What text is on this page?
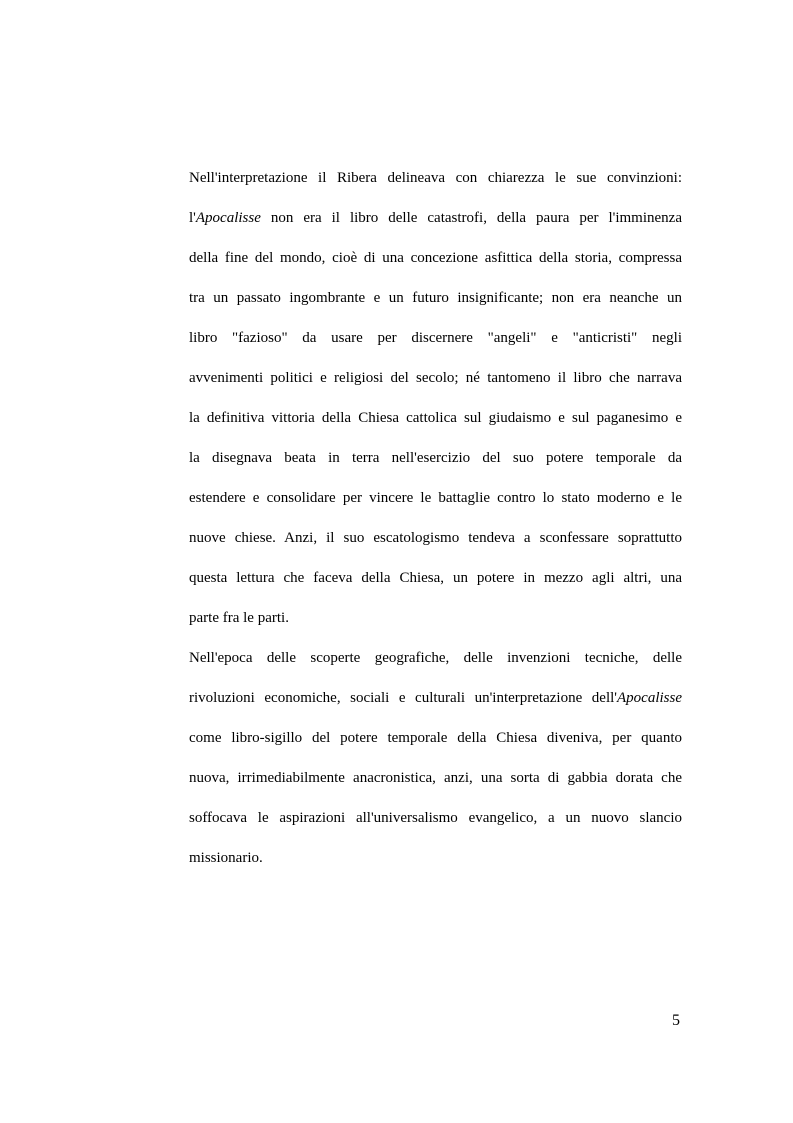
Nell'interpretazione il Ribera delineava con chiarezza le sue convinzioni:
l'Apocalisse non era il libro delle catastrofi, della paura per l'imminenza
della fine del mondo, cioè di una concezione asfittica della storia, compressa
tra un passato ingombrante e un futuro insignificante; non era neanche un
libro "fazioso" da usare per discernere "angeli" e "anticristi" negli
avvenimenti politici e religiosi del secolo; né tantomeno il libro che narrava
la definitiva vittoria della Chiesa cattolica sul giudaismo e sul paganesimo e
la disegnava beata in terra nell'esercizio del suo potere temporale da
estendere e consolidare per vincere le battaglie contro lo stato moderno e le
nuove chiese. Anzi, il suo escatologismo tendeva a sconfessare soprattutto
questa lettura che faceva della Chiesa, un potere in mezzo agli altri, una
parte fra le parti.
Nell'epoca delle scoperte geografiche, delle invenzioni tecniche, delle
rivoluzioni economiche, sociali e culturali un'interpretazione dell'Apocalisse
come libro-sigillo del potere temporale della Chiesa diveniva, per quanto
nuova, irrimediabilmente anacronistica, anzi, una sorta di gabbia dorata che
soffocava le aspirazioni all'universalismo evangelico, a un nuovo slancio
missionario.
5
